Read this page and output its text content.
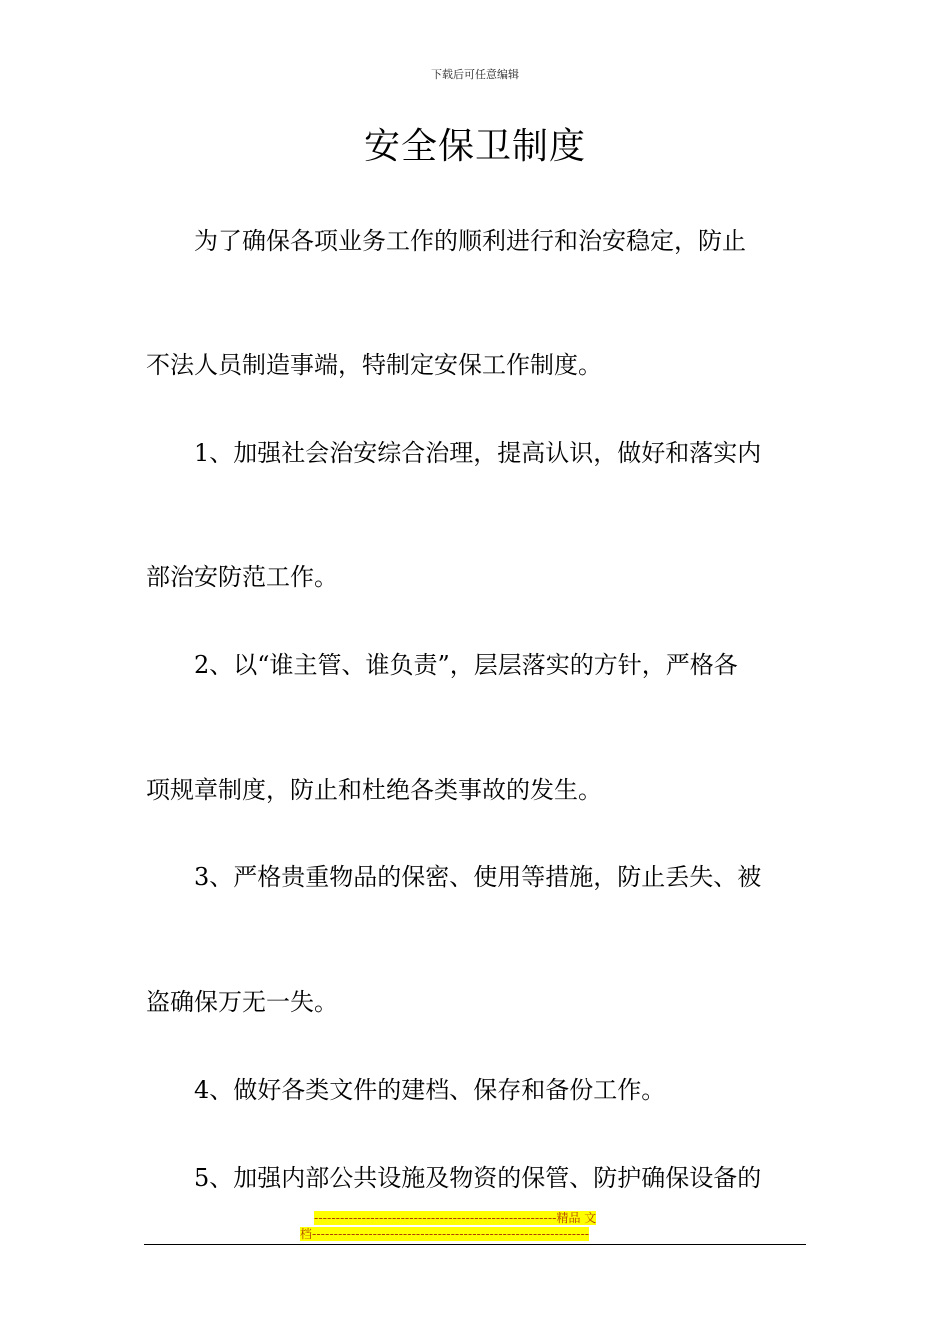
下载后可任意编辑
安全保卫制度
为了确保各项业务工作的顺利进行和治安稳定，防止
不法人员制造事端，特制定安保工作制度。
1、加强社会治安综合治理，提高认识，做好和落实内
部治安防范工作。
2、以“谁主管、谁负责”，层层落实的方针，严格各
项规章制度，防止和杜绝各类事故的发生。
3、严格贵重物品的保密、使用等措施，防止丢失、被
盗确保万无一失。
4、做好各类文件的建档、保存和备份工作。
5、加强内部公共设施及物资的保管、防护确保设备的
--------------------------------------------------------精品 文
档----------------------------------------------------------------
